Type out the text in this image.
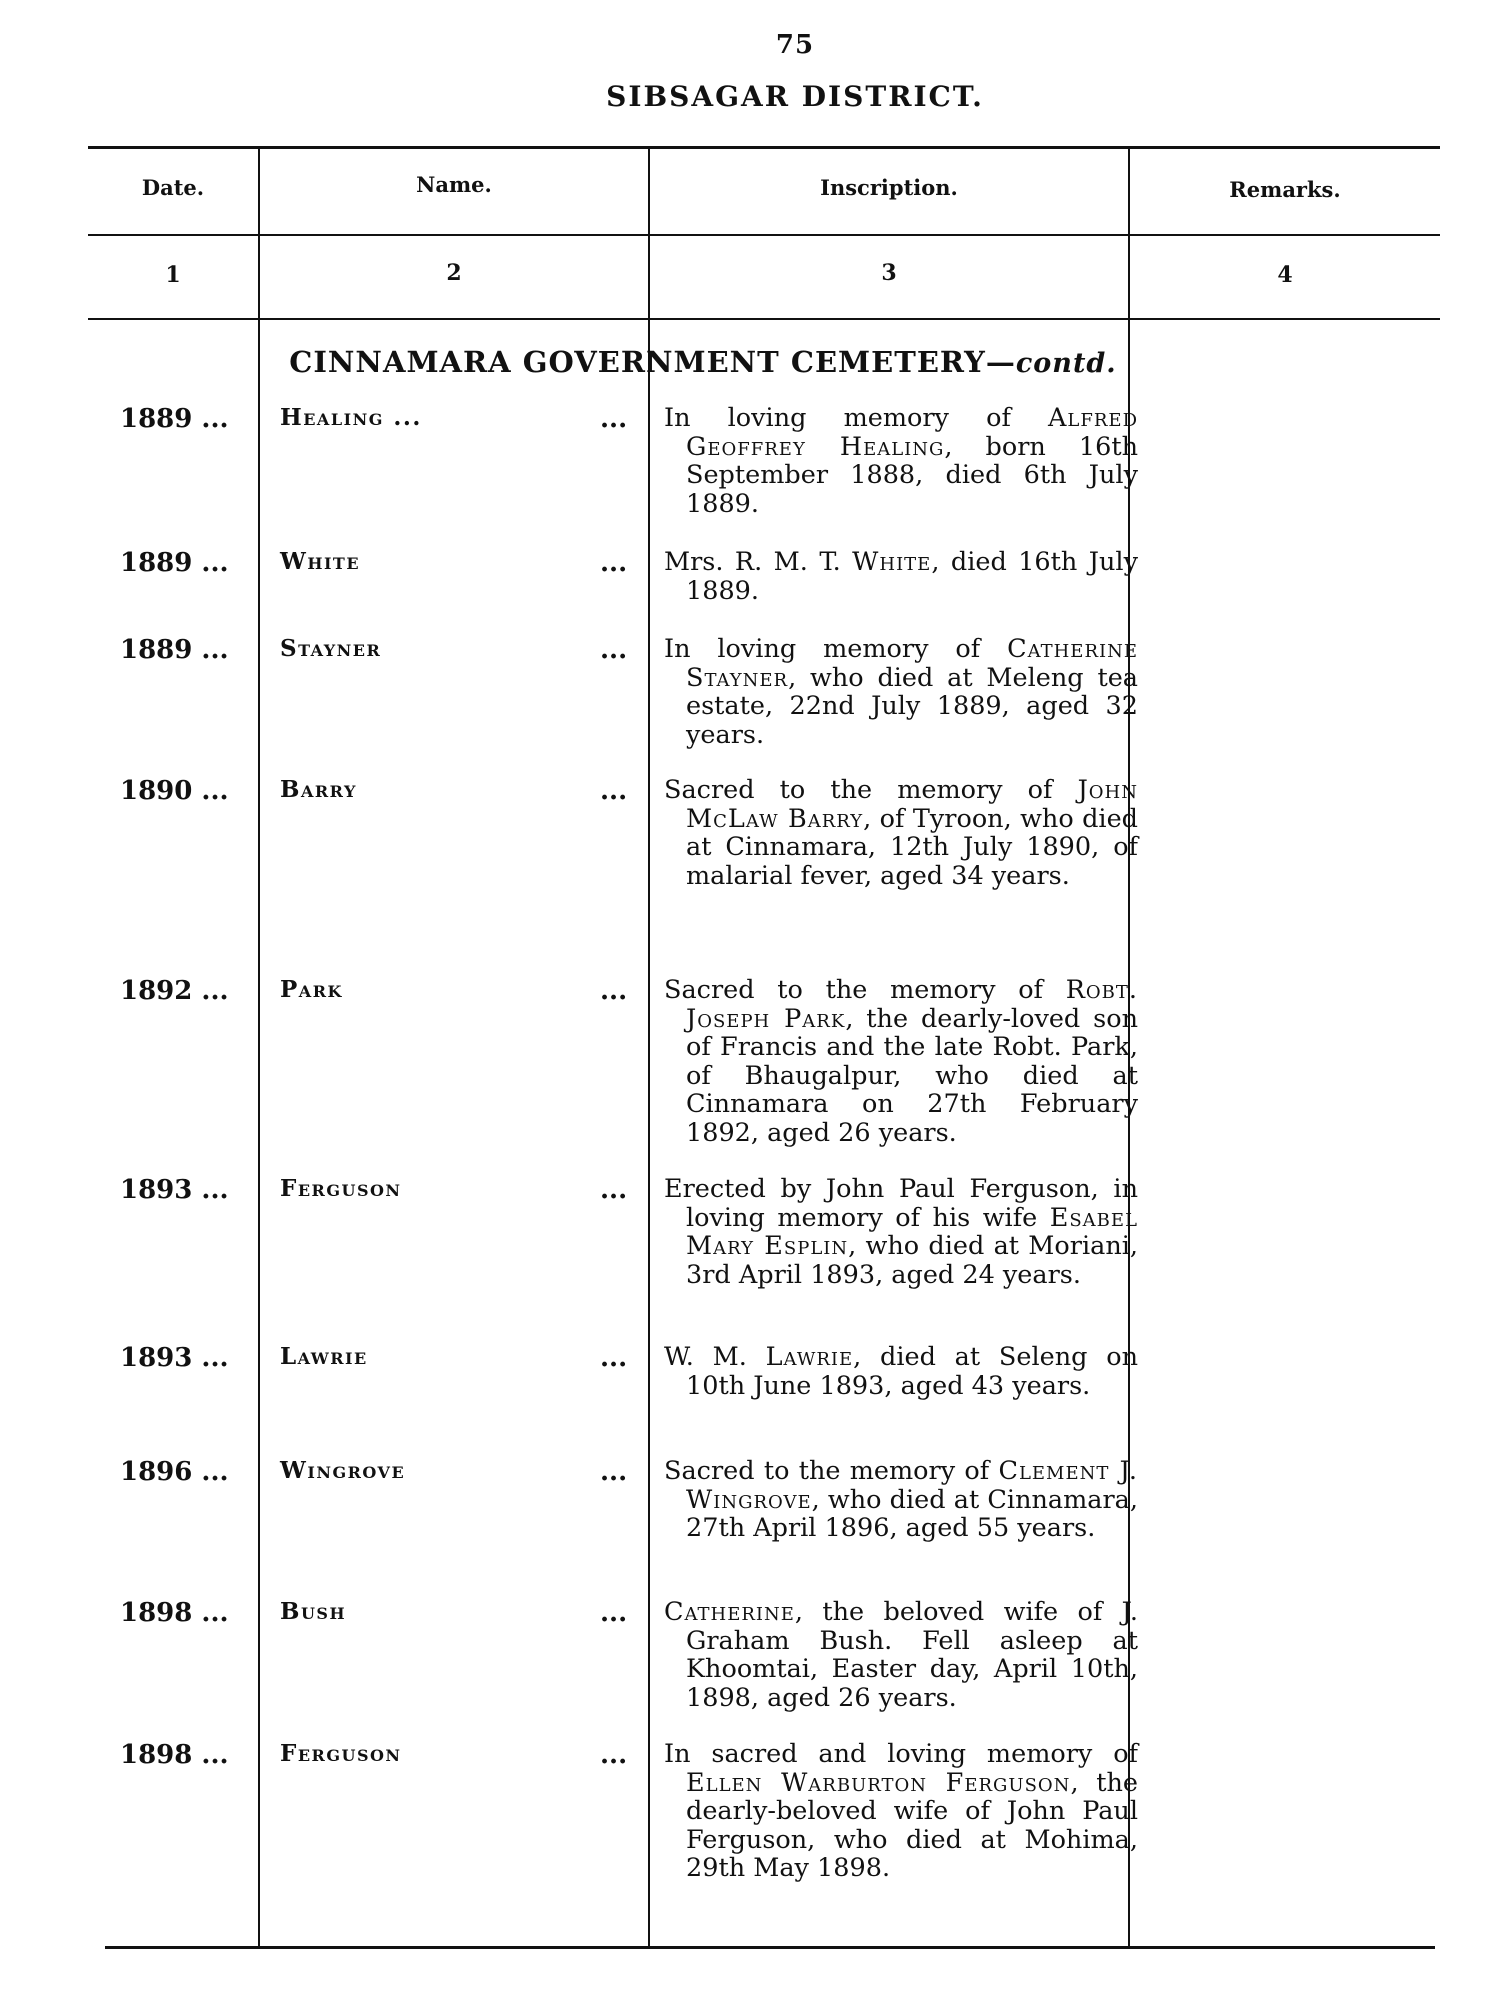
75
SIBSAGAR DISTRICT.
Date.	Name.	Inscription.	Remarks.
1	2	3	4
CINNAMARA GOVERNMENT CEMETERY—contd.
1889 ...	Healing ...	... In loving memory of Alfred Geoffrey Healing, born 16th September 1888, died 6th July 1889.
1889 ...	White	... Mrs. R. M. T. White, died 16th July 1889.
1889 ...	Stayner	... In loving memory of Catherine Stayner, who died at Meleng tea estate, 22nd July 1889, aged 32 years.
1890 ...	Barry	... Sacred to the memory of John McLaw Barry, of Tyroon, who died at Cinnamara, 12th July 1890, of malarial fever, aged 34 years.
1892 ...	Park	... Sacred to the memory of Robt. Joseph Park, the dearly-loved son of Francis and the late Robt. Park, of Bhaugalpur, who died at Cinnamara on 27th February 1892, aged 26 years.
1893 ...	Ferguson	... Erected by John Paul Ferguson, in loving memory of his wife Esabel Mary Esplin, who died at Moriani, 3rd April 1893, aged 24 years.
1893 ...	Lawrie	... W. M. Lawrie, died at Seleng on 10th June 1893, aged 43 years.
1896 ...	Wingrove	... Sacred to the memory of Clement J. Wingrove, who died at Cinnamara, 27th April 1896, aged 55 years.
1898 ...	Bush	... Catherine, the beloved wife of J. Graham Bush. Fell asleep at Khoomtai, Easter day, April 10th, 1898, aged 26 years.
1898 ...	Ferguson	... In sacred and loving memory of Ellen Warburton Ferguson, the dearly-beloved wife of John Paul Ferguson, who died at Mohima, 29th May 1898.
